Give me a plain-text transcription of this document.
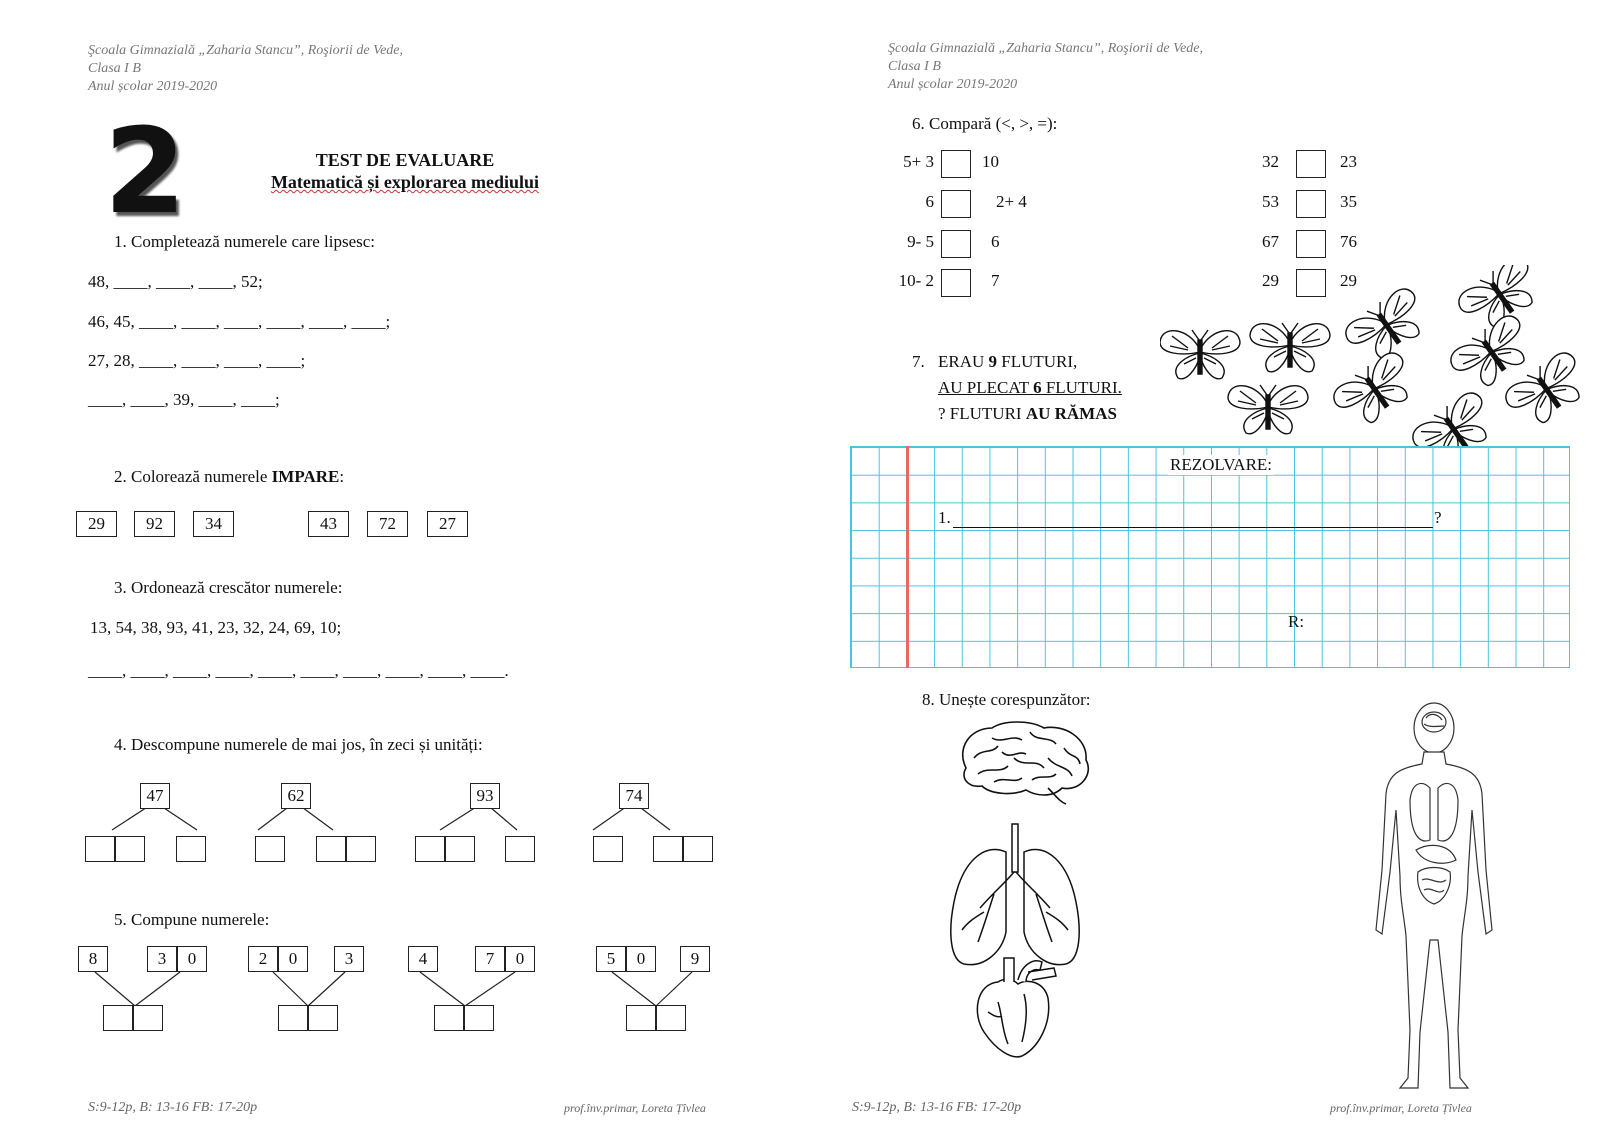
Şcoala Gimnazială „Zaharia Stancu”, Roşiorii de Vede,
Clasa I B
Anul școlar 2019-2020
2	TEST DE EVALUARE
Matematică și explorarea mediului
1. Completează numerele care lipsesc:
48, ____, ____, ____, 52;
46, 45, ____, ____, ____, ____, ____, ____;
27, 28, ____, ____, ____, ____;
____, ____, 39, ____, ____;
2. Colorează numerele IMPARE:
29	92	34	43	72	27
3. Ordonează crescător numerele:
13, 54, 38, 93, 41, 23, 32, 24, 69, 10;
____, ____, ____, ____, ____, ____, ____, ____, ____, ____.
4. Descompune numerele de mai jos, în zeci și unități:
47	62	93	74
5. Compune numerele:
8	3	0	2	0	3	4	7	0	5	0	9
S:9-12p, B: 13-16 FB: 17-20p	prof.înv.primar, Loreta Țîvlea
Şcoala Gimnazială „Zaharia Stancu”, Roşiorii de Vede,
Clasa I B
Anul școlar 2019-2020
6. Compară (<, >, =):
5+ 3	10
6	2+ 4
9- 5	6
10- 2	7
32	23
53	35
67	76
29	29
7. ERAU 9 FLUTURI,
AU PLECAT 6 FLUTURI.
? FLUTURI AU RĂMAS
REZOLVARE:
1.	?
R:
8. Unește corespunzător:
S:9-12p, B: 13-16 FB: 17-20p	prof.înv.primar, Loreta Țîvlea
